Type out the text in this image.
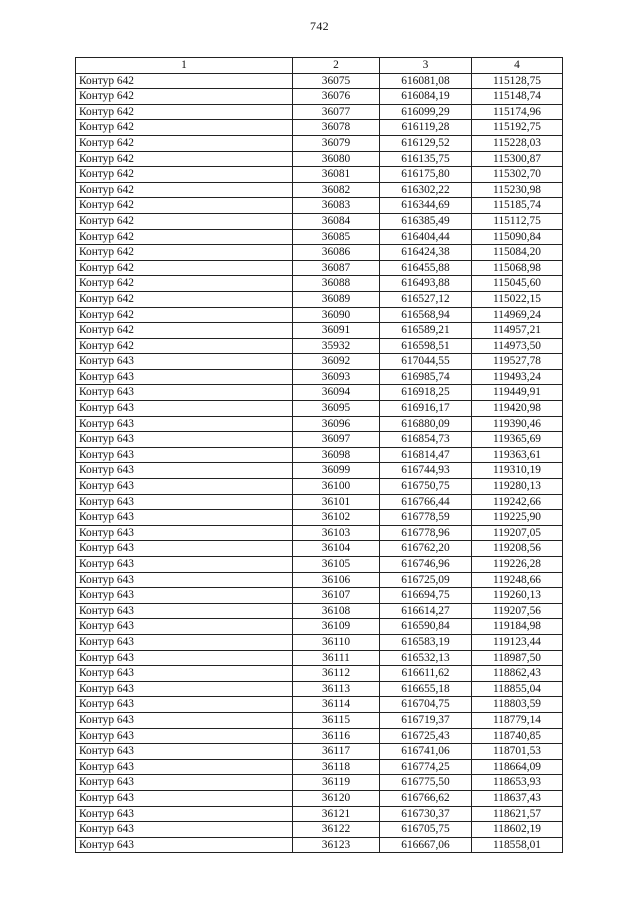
742
1	2	3	4
Контур 642	36075	616081,08	115128,75
Контур 642	36076	616084,19	115148,74
Контур 642	36077	616099,29	115174,96
Контур 642	36078	616119,28	115192,75
Контур 642	36079	616129,52	115228,03
Контур 642	36080	616135,75	115300,87
Контур 642	36081	616175,80	115302,70
Контур 642	36082	616302,22	115230,98
Контур 642	36083	616344,69	115185,74
Контур 642	36084	616385,49	115112,75
Контур 642	36085	616404,44	115090,84
Контур 642	36086	616424,38	115084,20
Контур 642	36087	616455,88	115068,98
Контур 642	36088	616493,88	115045,60
Контур 642	36089	616527,12	115022,15
Контур 642	36090	616568,94	114969,24
Контур 642	36091	616589,21	114957,21
Контур 642	35932	616598,51	114973,50
Контур 643	36092	617044,55	119527,78
Контур 643	36093	616985,74	119493,24
Контур 643	36094	616918,25	119449,91
Контур 643	36095	616916,17	119420,98
Контур 643	36096	616880,09	119390,46
Контур 643	36097	616854,73	119365,69
Контур 643	36098	616814,47	119363,61
Контур 643	36099	616744,93	119310,19
Контур 643	36100	616750,75	119280,13
Контур 643	36101	616766,44	119242,66
Контур 643	36102	616778,59	119225,90
Контур 643	36103	616778,96	119207,05
Контур 643	36104	616762,20	119208,56
Контур 643	36105	616746,96	119226,28
Контур 643	36106	616725,09	119248,66
Контур 643	36107	616694,75	119260,13
Контур 643	36108	616614,27	119207,56
Контур 643	36109	616590,84	119184,98
Контур 643	36110	616583,19	119123,44
Контур 643	36111	616532,13	118987,50
Контур 643	36112	616611,62	118862,43
Контур 643	36113	616655,18	118855,04
Контур 643	36114	616704,75	118803,59
Контур 643	36115	616719,37	118779,14
Контур 643	36116	616725,43	118740,85
Контур 643	36117	616741,06	118701,53
Контур 643	36118	616774,25	118664,09
Контур 643	36119	616775,50	118653,93
Контур 643	36120	616766,62	118637,43
Контур 643	36121	616730,37	118621,57
Контур 643	36122	616705,75	118602,19
Контур 643	36123	616667,06	118558,01
